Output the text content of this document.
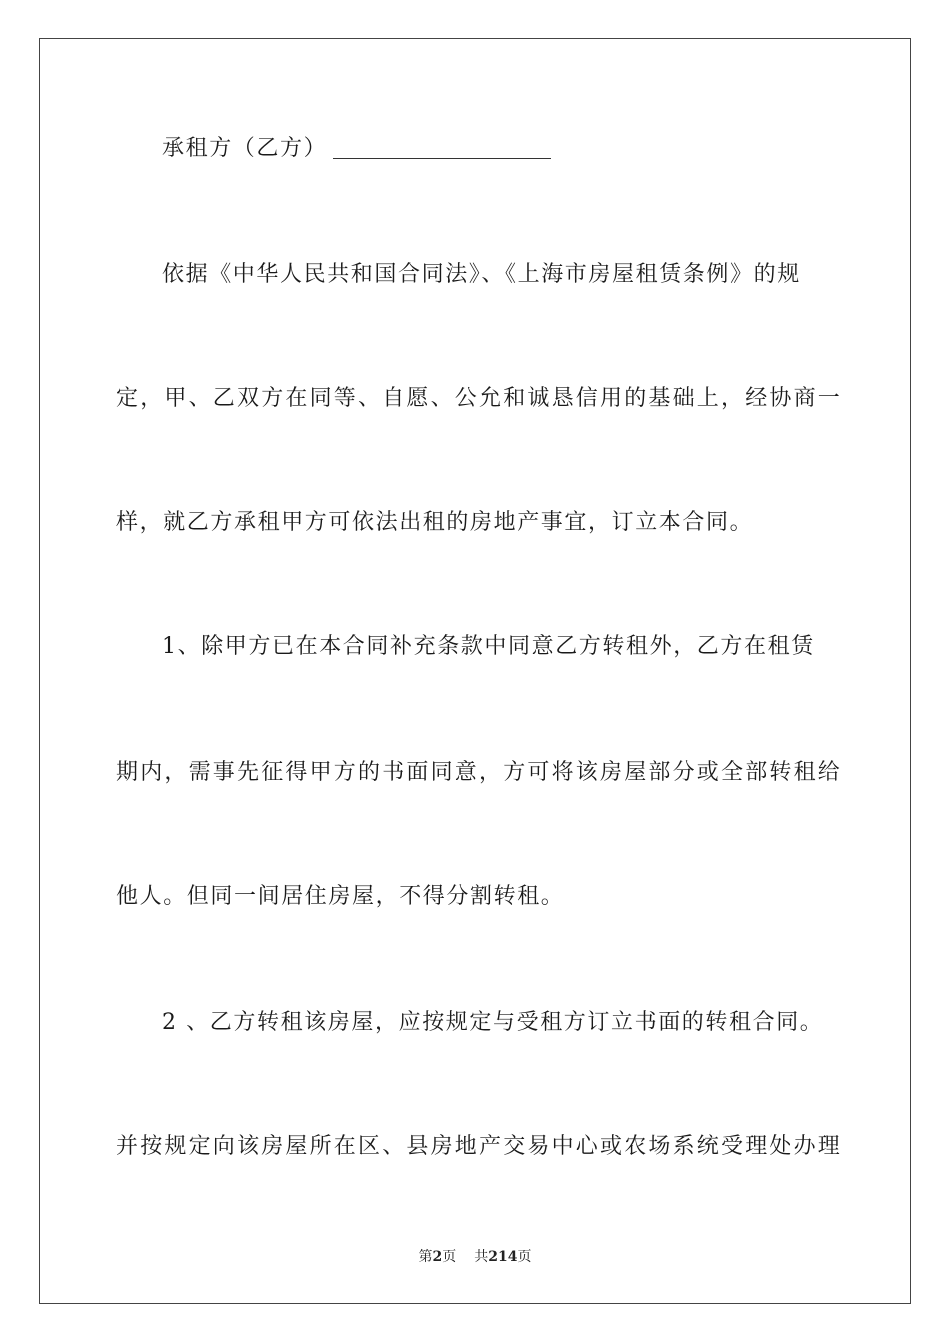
承租方（乙方）
依据《中华人民共和国合同法》、《上海市房屋租赁条例》的规
定，甲、乙双方在同等、自愿、公允和诚恳信用的基础上，经协商一
样，就乙方承租甲方可依法出租的房地产事宜，订立本合同。
1、除甲方已在本合同补充条款中同意乙方转租外，乙方在租赁
期内，需事先征得甲方的书面同意，方可将该房屋部分或全部转租给
他人。但同一间居住房屋，不得分割转租。
2 、乙方转租该房屋，应按规定与受租方订立书面的转租合同。
并按规定向该房屋所在区、县房地产交易中心或农场系统受理处办理
第2页 共214页
